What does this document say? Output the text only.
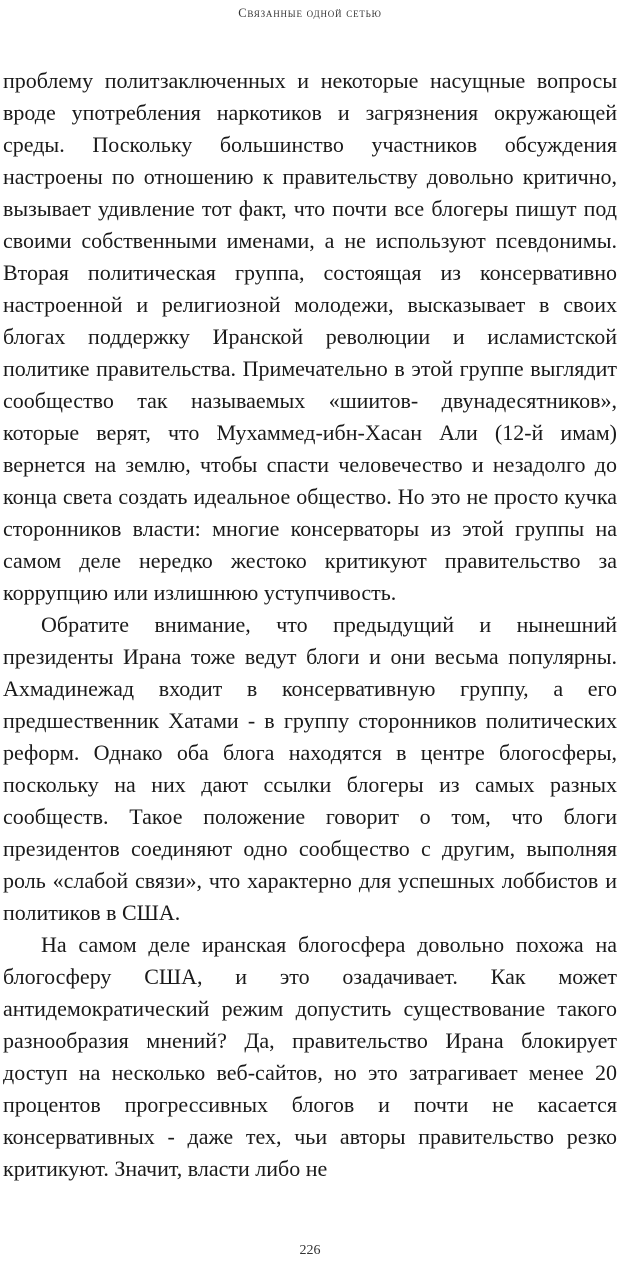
Связанные одной сетью

проблему политзаключенных и некоторые насущные вопросы вроде употребления наркотиков и загрязнения окружающей среды. Поскольку большинство участников обсуждения настроены по отношению к правительству довольно критично, вызывает удивление тот факт, что почти все блогеры пишут под своими собственными именами, а не используют псевдонимы. Вторая политическая группа, состоящая из консервативно настроенной и религиозной молодежи, высказывает в своих блогах поддержку Иранской революции и исламистской политике правительства. Примечательно в этой группе выглядит сообщество так называемых «шиитов- двунадесятников», которые верят, что Мухаммед-ибн-Хасан Али (12-й имам) вернется на землю, чтобы спасти человечество и незадолго до конца света создать идеальное общество. Но это не просто кучка сторонников власти: многие консерваторы из этой группы на самом деле нередко жестоко критикуют правительство за коррупцию или излишнюю уступчивость.

Обратите внимание, что предыдущий и нынешний президенты Ирана тоже ведут блоги и они весьма популярны. Ахмадинежад входит в консервативную группу, а его предшественник Хатами - в группу сторонников политических реформ. Однако оба блога находятся в центре блогосферы, поскольку на них дают ссылки блогеры из самых разных сообществ. Такое положение говорит о том, что блоги президентов соединяют одно сообщество с другим, выполняя роль «слабой связи», что характерно для успешных лоббистов и политиков в США.

На самом деле иранская блогосфера довольно похожа на блогосферу США, и это озадачивает. Как может антидемократический режим допустить существование такого разнообразия мнений? Да, правительство Ирана блокирует доступ на несколько веб-сайтов, но это затрагивает менее 20 процентов прогрессивных блогов и почти не касается консервативных - даже тех, чьи авторы правительство резко критикуют. Значит, власти либо не

226
